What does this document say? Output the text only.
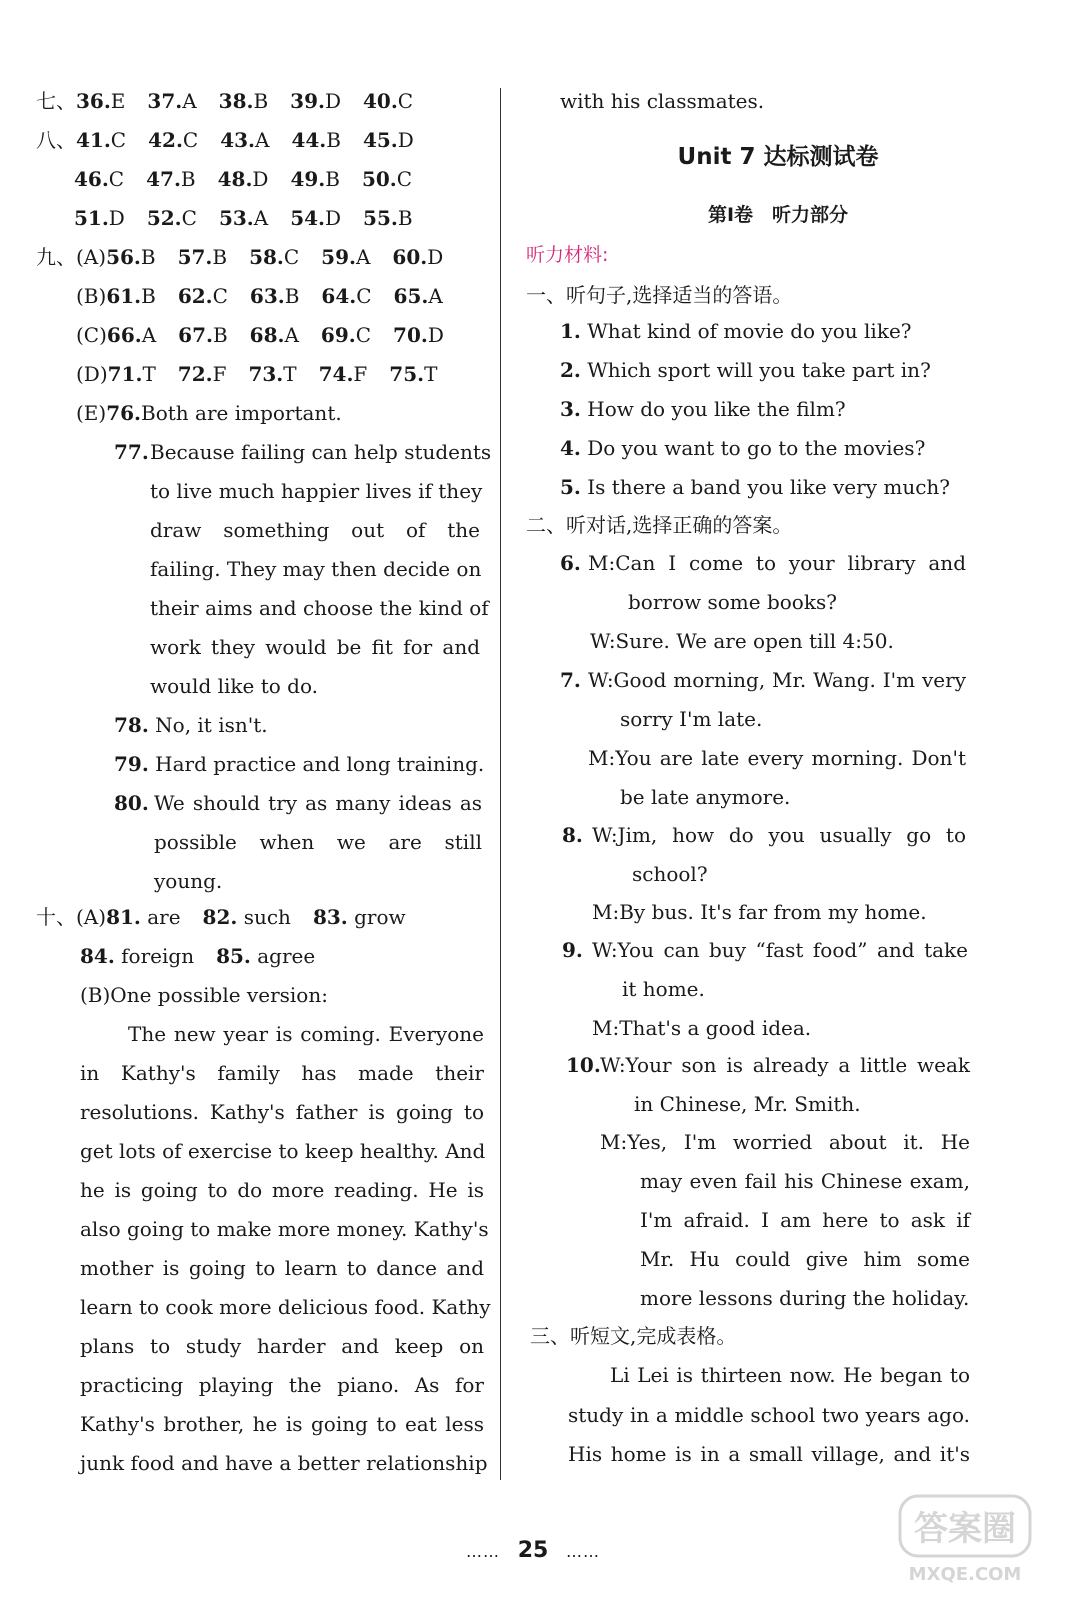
七、36.E 37.A 38.B 39.D 40.C
八、41.C 42.C 43.A 44.B 45.D
46.C 47.B 48.D 49.B 50.C
51.D 52.C 53.A 54.D 55.B
九、(A)56.B 57.B 58.C 59.A 60.D
(B)61.B 62.C 63.B 64.C 65.A
(C)66.A 67.B 68.A 69.C 70.D
(D)71.T 72.F 73.T 74.F 75.T
(E)76.Both are important.
77. Because failing can help students
to live much happier lives if they
draw something out of the
failing. They may then decide on
their aims and choose the kind of
work they would be fit for and
would like to do.
78. No, it isn't.
79. Hard practice and long training.
80. We should try as many ideas as
possible when we are still
young.
十、(A)81. are 82. such 83. grow
84. foreign 85. agree
(B)One possible version:
The new year is coming. Everyone
in Kathy's family has made their
resolutions. Kathy's father is going to
get lots of exercise to keep healthy. And
he is going to do more reading. He is
also going to make more money. Kathy's
mother is going to learn to dance and
learn to cook more delicious food. Kathy
plans to study harder and keep on
practicing playing the piano. As for
Kathy's brother, he is going to eat less
junk food and have a better relationship
with his classmates.
Unit 7 达标测试卷
第Ⅰ卷　听力部分
听力材料:
一、听句子,选择适当的答语。
1. What kind of movie do you like?
2. Which sport will you take part in?
3. How do you like the film?
4. Do you want to go to the movies?
5. Is there a band you like very much?
二、听对话,选择正确的答案。
6. M:Can I come to your library and
borrow some books?
W:Sure. We are open till 4:50.
7. W:Good morning, Mr. Wang. I'm very
sorry I'm late.
M:You are late every morning. Don't
be late anymore.
8. W:Jim, how do you usually go to
school?
M:By bus. It's far from my home.
9. W:You can buy “fast food” and take
it home.
M:That's a good idea.
10. W:Your son is already a little weak
in Chinese, Mr. Smith.
M:Yes, I'm worried about it. He
may even fail his Chinese exam,
I'm afraid. I am here to ask if
Mr. Hu could give him some
more lessons during the holiday.
三、听短文,完成表格。
Li Lei is thirteen now. He began to
study in a middle school two years ago.
His home is in a small village, and it's
…… 25 ……
答案圈
MXQE.COM
